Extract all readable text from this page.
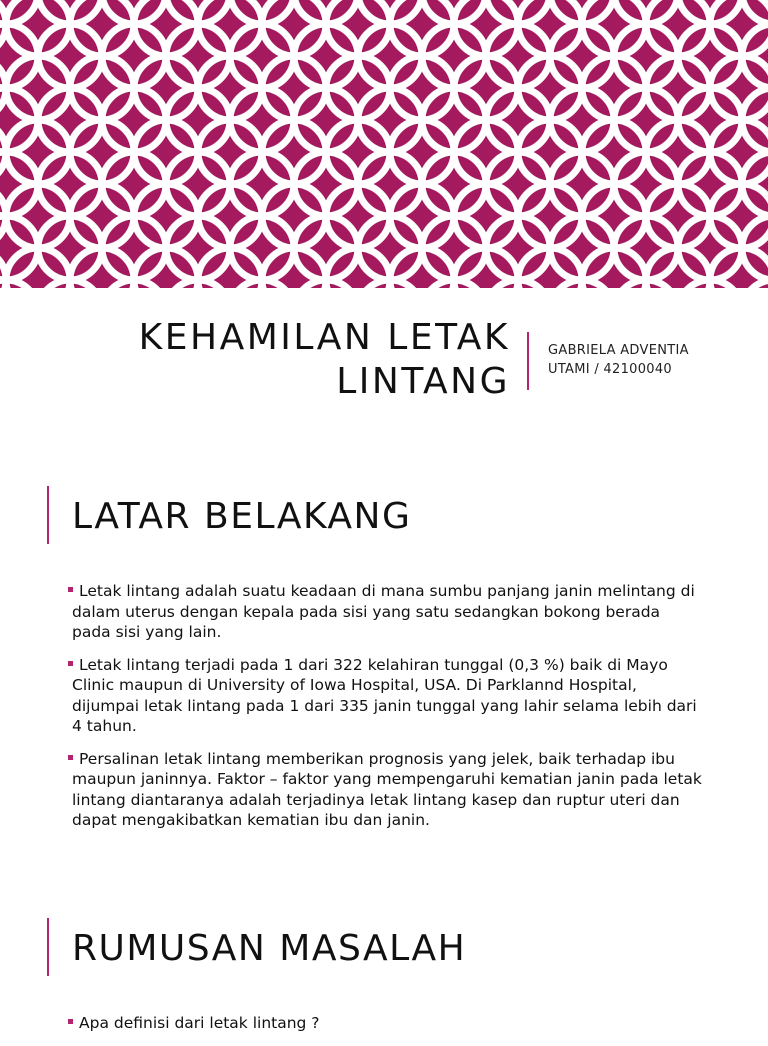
KEHAMILAN LETAK
LINTANG
GABRIELA ADVENTIA
UTAMI / 42100040
LATAR BELAKANG
Letak lintang adalah suatu keadaan di mana sumbu panjang janin melintang di dalam uterus dengan kepala pada sisi yang satu sedangkan bokong berada pada sisi yang lain.
Letak lintang terjadi pada 1 dari 322 kelahiran tunggal (0,3 %) baik di Mayo Clinic maupun di University of Iowa Hospital, USA. Di Parklannd Hospital, dijumpai letak lintang pada 1 dari 335 janin tunggal yang lahir selama lebih dari 4 tahun.
Persalinan letak lintang memberikan prognosis yang jelek, baik terhadap ibu maupun janinnya. Faktor – faktor yang mempengaruhi kematian janin pada letak lintang diantaranya adalah terjadinya letak lintang kasep dan ruptur uteri dan dapat mengakibatkan kematian ibu dan janin.
RUMUSAN MASALAH
Apa definisi dari letak lintang ?
